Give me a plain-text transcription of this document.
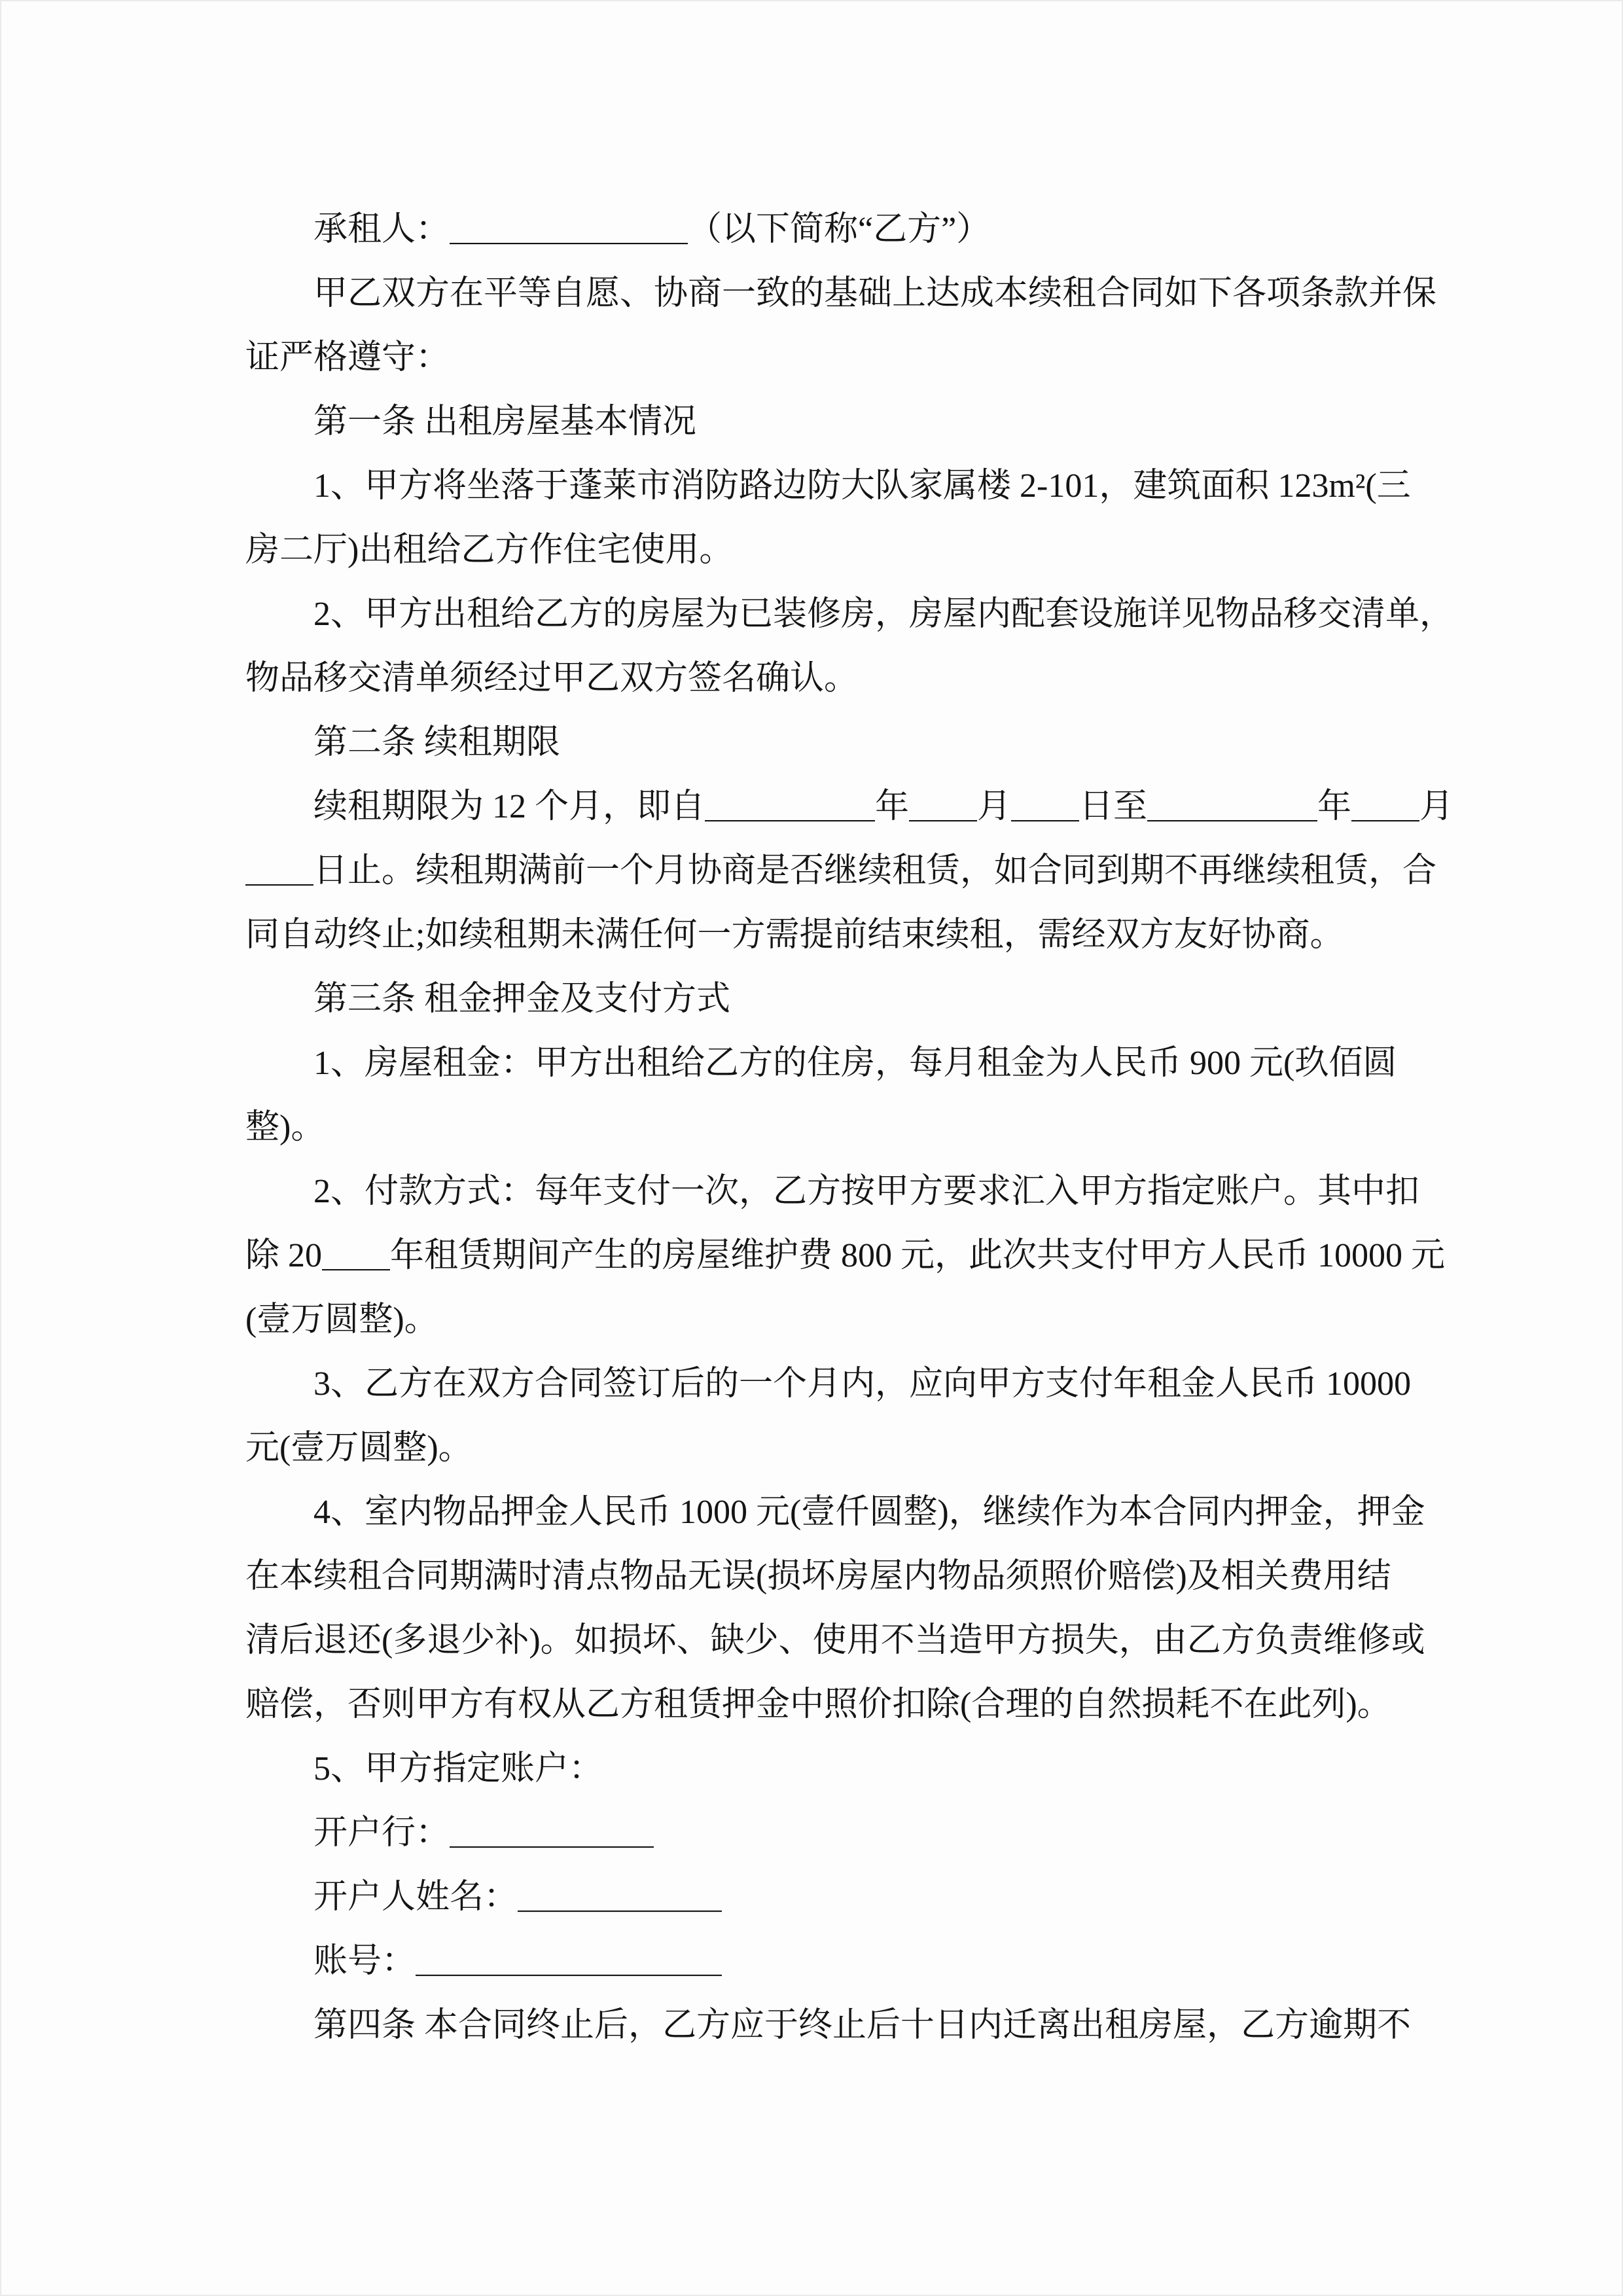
承租人：＿＿＿＿＿＿＿（以下简称“乙方”）
甲乙双方在平等自愿、协商一致的基础上达成本续租合同如下各项条款并保
证严格遵守：
第一条 出租房屋基本情况
1、甲方将坐落于蓬莱市消防路边防大队家属楼 2-101，建筑面积 123m²(三
房二厅)出租给乙方作住宅使用。
2、甲方出租给乙方的房屋为已装修房，房屋内配套设施详见物品移交清单，
物品移交清单须经过甲乙双方签名确认。
第二条 续租期限
续租期限为 12 个月，即自＿＿＿＿＿年＿＿月＿＿日至＿＿＿＿＿年＿＿月
＿＿日止。续租期满前一个月协商是否继续租赁，如合同到期不再继续租赁，合
同自动终止;如续租期未满任何一方需提前结束续租，需经双方友好协商。
第三条 租金押金及支付方式
1、房屋租金：甲方出租给乙方的住房，每月租金为人民币 900 元(玖佰圆
整)。
2、付款方式：每年支付一次，乙方按甲方要求汇入甲方指定账户。其中扣
除 20＿＿年租赁期间产生的房屋维护费 800 元，此次共支付甲方人民币 10000 元
(壹万圆整)。
3、乙方在双方合同签订后的一个月内，应向甲方支付年租金人民币 10000
元(壹万圆整)。
4、室内物品押金人民币 1000 元(壹仟圆整)，继续作为本合同内押金，押金
在本续租合同期满时清点物品无误(损坏房屋内物品须照价赔偿)及相关费用结
清后退还(多退少补)。如损坏、缺少、使用不当造甲方损失，由乙方负责维修或
赔偿，否则甲方有权从乙方租赁押金中照价扣除(合理的自然损耗不在此列)。
5、甲方指定账户：
开户行：＿＿＿＿＿＿
开户人姓名：＿＿＿＿＿＿
账号：＿＿＿＿＿＿＿＿＿
第四条 本合同终止后，乙方应于终止后十日内迁离出租房屋，乙方逾期不
